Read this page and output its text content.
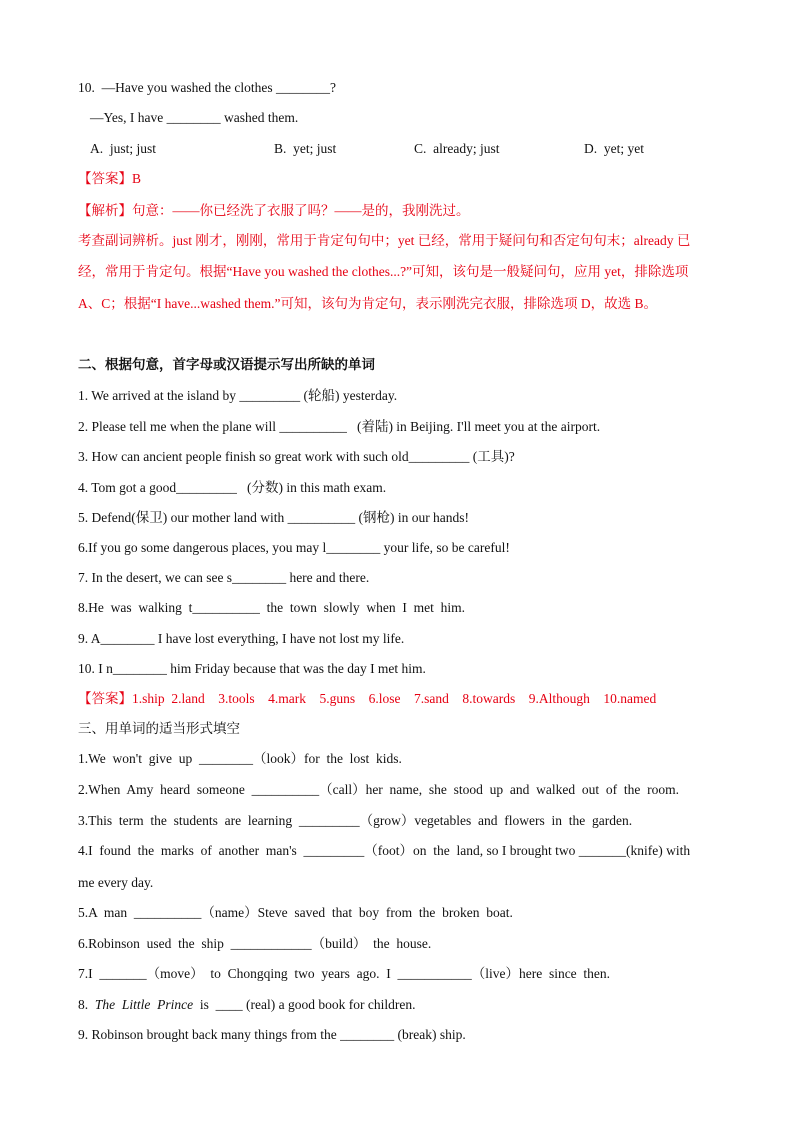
10.  —Have you washed the clothes ________?
—Yes, I have ________ washed them.
A.  just; just	B.  yet; just	C.  already; just	D.  yet; yet
【答案】B
【解析】句意：——你已经洗了衣服了吗？——是的，我刚洗过。
考查副词辨析。just 刚才，刚刚，常用于肯定句句中；yet 已经，常用于疑问句和否定句句末；already 已
经，常用于肯定句。根据“Have you washed the clothes...?”可知，该句是一般疑问句，应用 yet，排除选项
A、C；根据“I have...washed them.”可知，该句为肯定句，表示刚洗完衣服，排除选项 D，故选 B。
二、根据句意，首字母或汉语提示写出所缺的单词
1. We arrived at the island by _________ (轮船) yesterday.
2. Please tell me when the plane will __________   (着陆) in Beijing. I'll meet you at the airport.
3. How can ancient people finish so great work with such old_________ (工具)?
4. Tom got a good_________   (分数) in this math exam.
5. Defend(保卫) our mother land with __________ (钢枪) in our hands!
6.If you go some dangerous places, you may l________ your life, so be careful!
7. In the desert, we can see s________ here and there.
8.He  was  walking  t__________  the  town  slowly  when  I  met  him.
9. A________ I have lost everything, I have not lost my life.
10. I n________ him Friday because that was the day I met him.
【答案】1.ship  2.land    3.tools    4.mark    5.guns    6.lose    7.sand    8.towards    9.Although    10.named
三、用单词的适当形式填空
1.We  won't  give  up  ________（look）for  the  lost  kids.
2.When  Amy  heard  someone  __________（call）her  name,  she  stood  up  and  walked  out  of  the  room.
3.This  term  the  students  are  learning  _________（grow）vegetables  and  flowers  in  the  garden.
4.I  found  the  marks  of  another  man's  _________（foot）on  the  land, so I brought two _______(knife) with
me every day.
5.A  man  __________（name）Steve  saved  that  boy  from  the  broken  boat.
6.Robinson  used  the  ship  ____________（build）  the  house.
7.I  _______（move）  to  Chongqing  two  years  ago.  I  ___________（live）here  since  then.
8.  The  Little  Prince  is  ____ (real) a good book for children.
9. Robinson brought back many things from the ________ (break) ship.
